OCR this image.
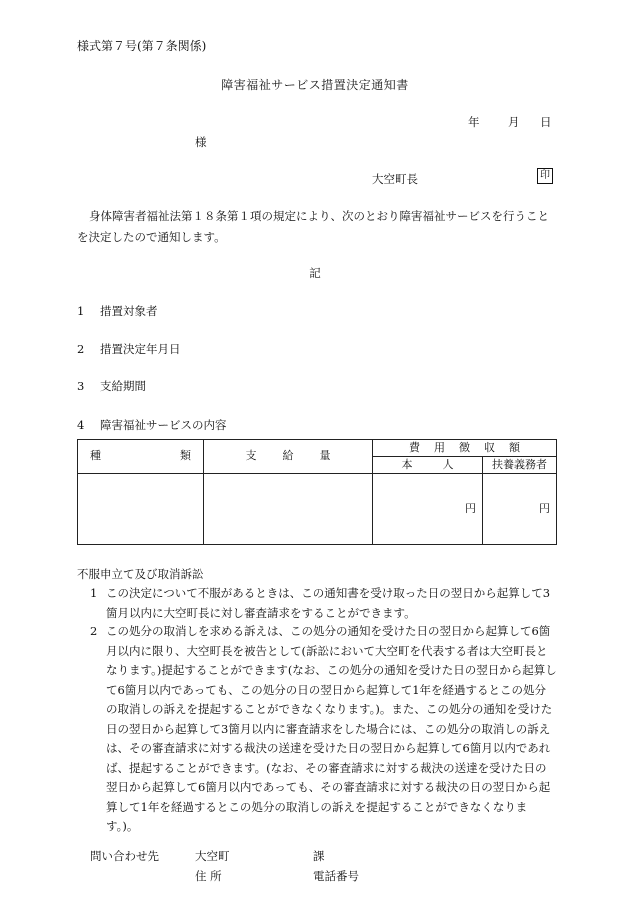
様式第７号(第７条関係)
障害福祉サービス措置決定通知書
年 月 日
様
大空町長	印
身体障害者福祉法第１８条第１項の規定により、次のとおり障害福祉サービスを行うことを決定したので通知します。
記
1 措置対象者
2 措置決定年月日
3 支給期間
4 障害福祉サービスの内容
種 類	支 給 量	費 用 徴 収 額	

		本 人	扶養義務者
		円	円
不服申立て及び取消訴訟
1 この決定について不服があるときは、この通知書を受け取った日の翌日から起算して3箇月以内に大空町長に対し審査請求をすることができます。
2 この処分の取消しを求める訴えは、この処分の通知を受けた日の翌日から起算して6箇月以内に限り、大空町長を被告として(訴訟において大空町を代表する者は大空町長となります。)提起することができます(なお、この処分の通知を受けた日の翌日から起算して6箇月以内であっても、この処分の日の翌日から起算して1年を経過するとこの処分の取消しの訴えを提起することができなくなります。)。また、この処分の通知を受けた日の翌日から起算して3箇月以内に審査請求をした場合には、この処分の取消しの訴えは、その審査請求に対する裁決の送達を受けた日の翌日から起算して6箇月以内であれば、提起することができます。(なお、その審査請求に対する裁決の送達を受けた日の翌日から起算して6箇月以内であっても、その審査請求に対する裁決の日の翌日から起算して1年を経過するとこの処分の取消しの訴えを提起することができなくなります。)。
問い合わせ先	大空町	課
住 所	電話番号
